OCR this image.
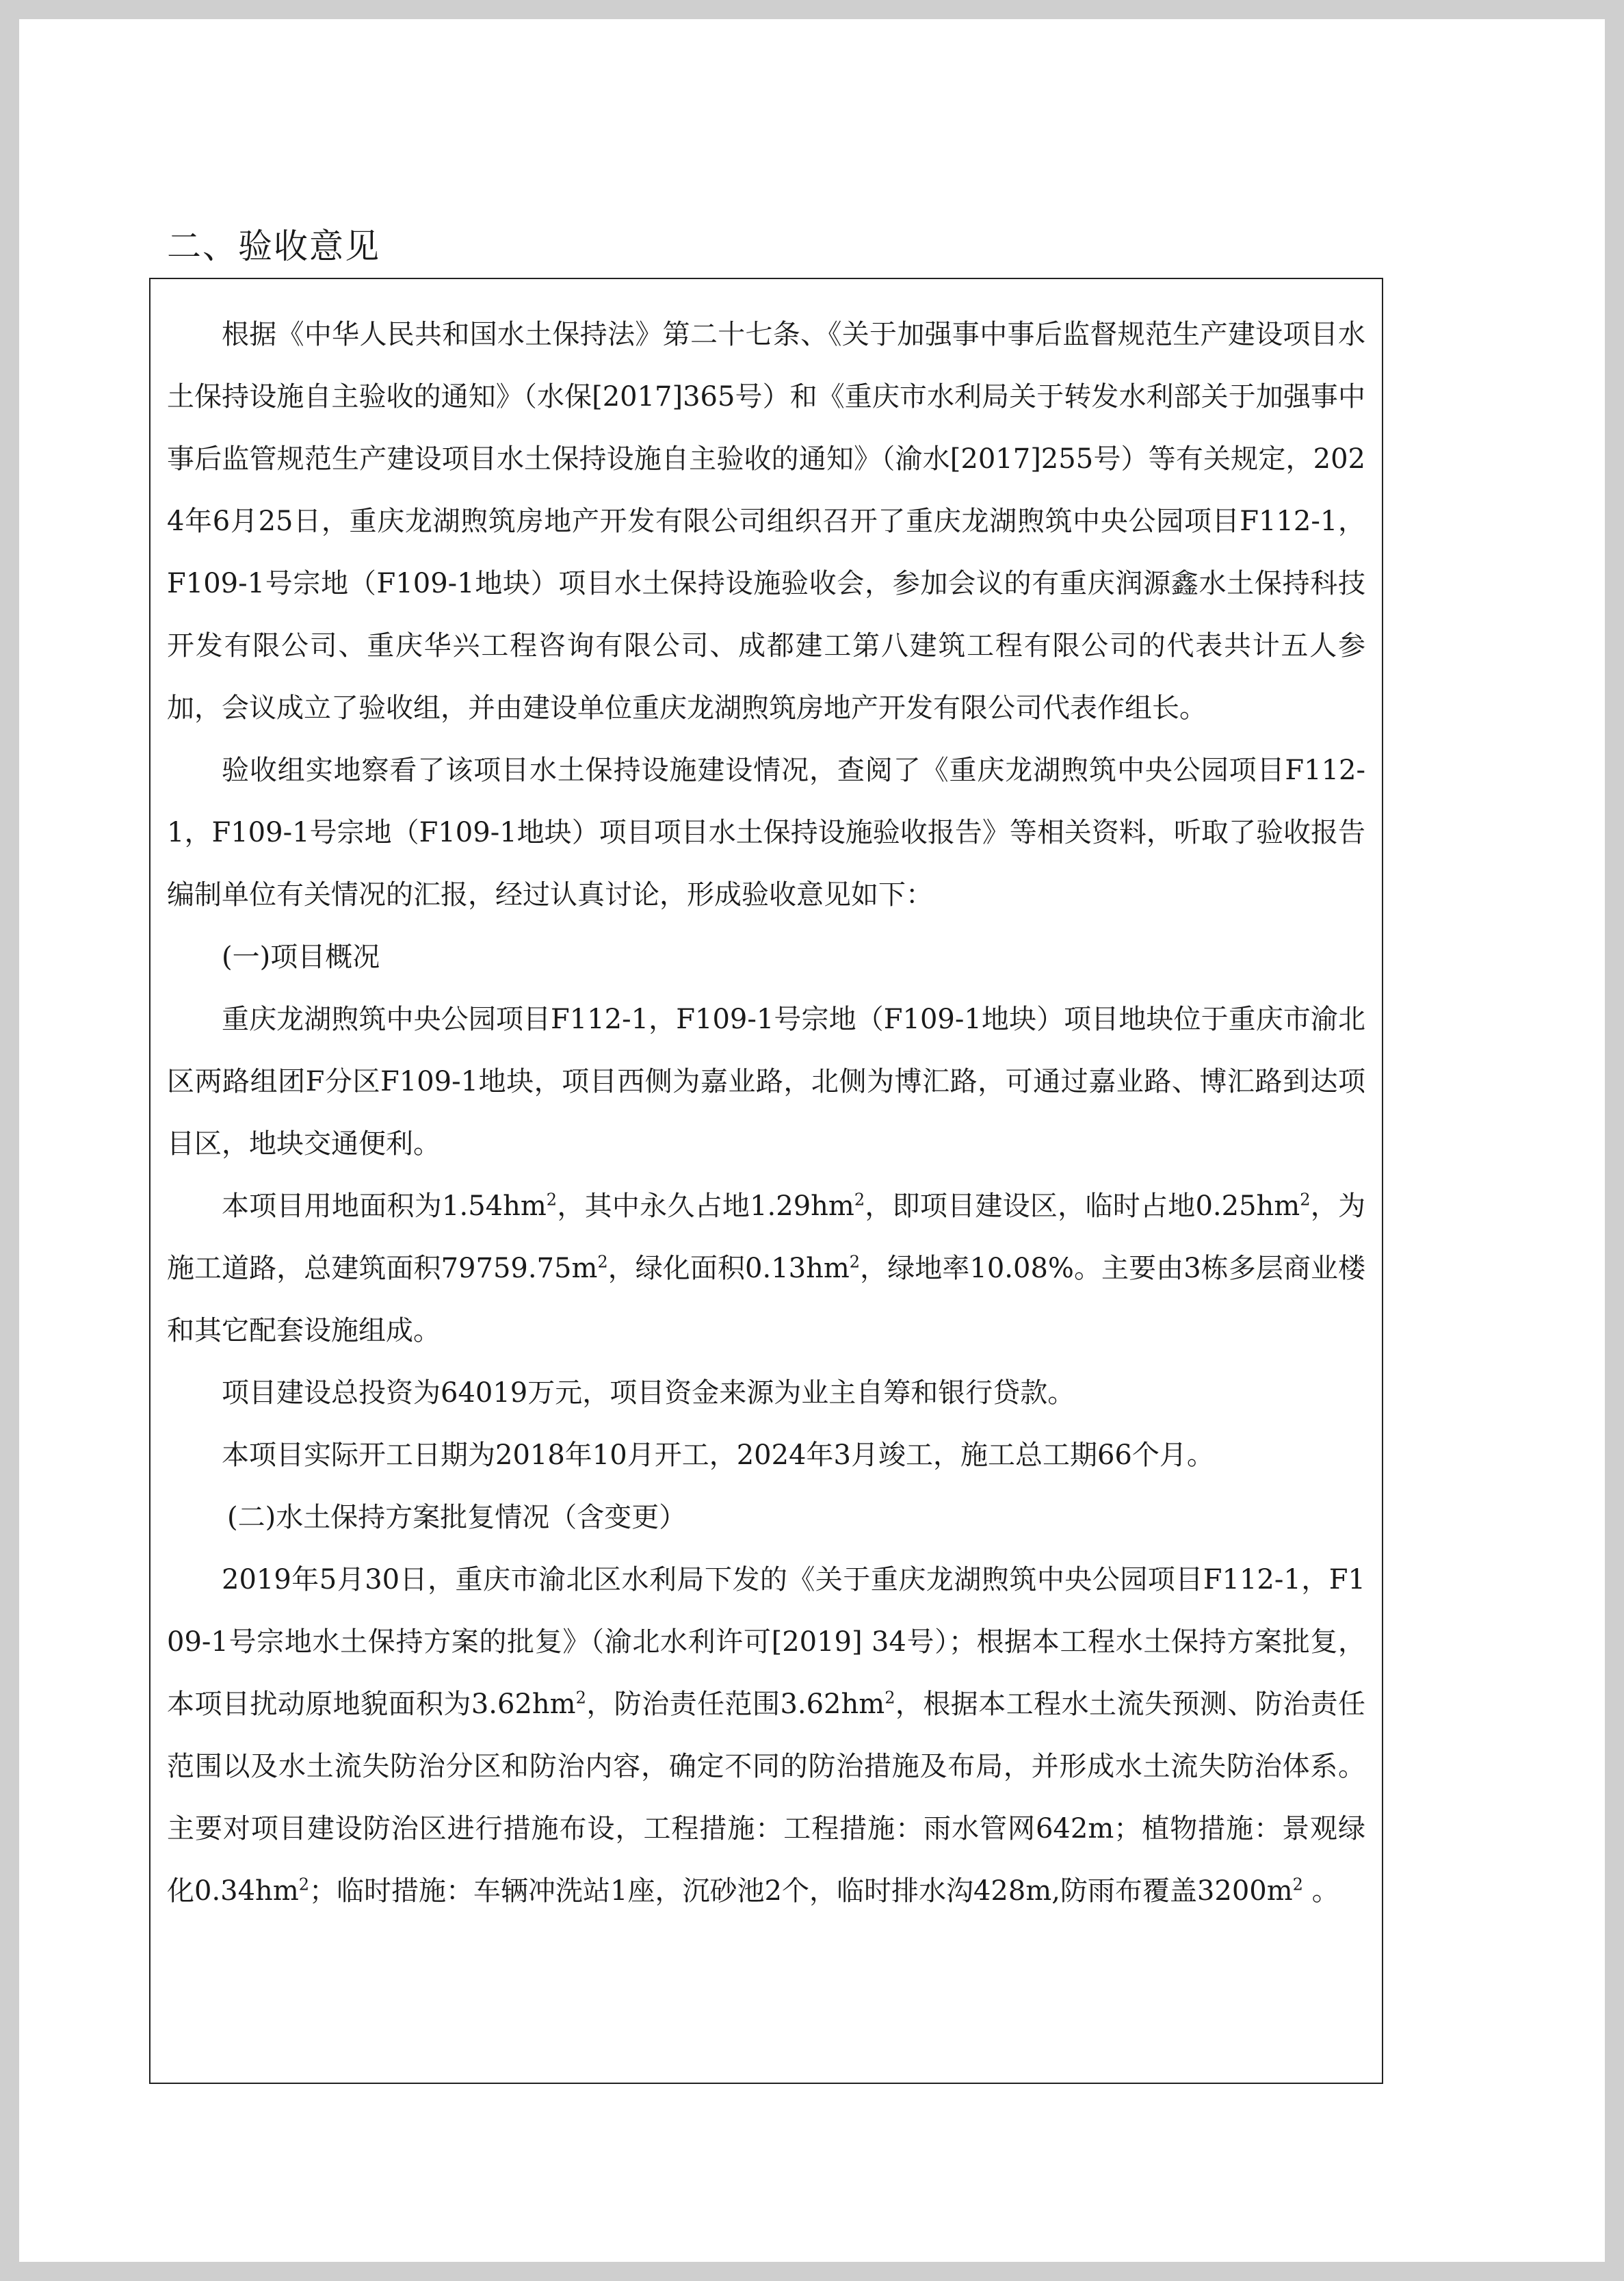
二、验收意见

根据《中华人民共和国水土保持法》第二十七条、《关于加强事中事后监督规范生产建设项目水土保持设施自主验收的通知》（水保[2017]365号）和《重庆市水利局关于转发水利部关于加强事中事后监管规范生产建设项目水土保持设施自主验收的通知》（渝水[2017]255号）等有关规定，2024年6月25日，重庆龙湖煦筑房地产开发有限公司组织召开了重庆龙湖煦筑中央公园项目F112-1，F109-1号宗地（F109-1地块）项目水土保持设施验收会，参加会议的有重庆润源鑫水土保持科技开发有限公司、重庆华兴工程咨询有限公司、成都建工第八建筑工程有限公司的代表共计五人参加，会议成立了验收组，并由建设单位重庆龙湖煦筑房地产开发有限公司代表作组长。

验收组实地察看了该项目水土保持设施建设情况，查阅了《重庆龙湖煦筑中央公园项目F112-1，F109-1号宗地（F109-1地块）项目项目水土保持设施验收报告》等相关资料，听取了验收报告编制单位有关情况的汇报，经过认真讨论，形成验收意见如下：

(一)项目概况

重庆龙湖煦筑中央公园项目F112-1，F109-1号宗地（F109-1地块）项目地块位于重庆市渝北区两路组团F分区F109-1地块，项目西侧为嘉业路，北侧为博汇路，可通过嘉业路、博汇路到达项目区，地块交通便利。

本项目用地面积为$1.54hm^2$，其中永久占地$1.29hm^2$，即项目建设区，临时占地$0.25hm^2$，为施工道路，总建筑面积$79759.75m^2$，绿化面积$0.13hm^2$，绿地率10.08%。主要由3栋多层商业楼和其它配套设施组成。

项目建设总投资为64019万元，项目资金来源为业主自筹和银行贷款。

本项目实际开工日期为2018年10月开工，2024年3月竣工，施工总工期66个月。

(二)水土保持方案批复情况（含变更）

2019年5月30日，重庆市渝北区水利局下发的《关于重庆龙湖煦筑中央公园项目F112-1，F109-1号宗地水土保持方案的批复》（渝北水利许可[2019] 34号）；根据本工程水土保持方案批复，本项目扰动原地貌面积为$3.62hm^2$，防治责任范围$3.62hm^2$，根据本工程水土流失预测、防治责任范围以及水土流失防治分区和防治内容，确定不同的防治措施及布局，并形成水土流失防治体系。主要对项目建设防治区进行措施布设，工程措施：工程措施：雨水管网642m；植物措施：景观绿化$0.34hm^2$；临时措施：车辆冲洗站1座，沉砂池2个，临时排水沟428m,防雨布覆盖$3200m^2$ 。
